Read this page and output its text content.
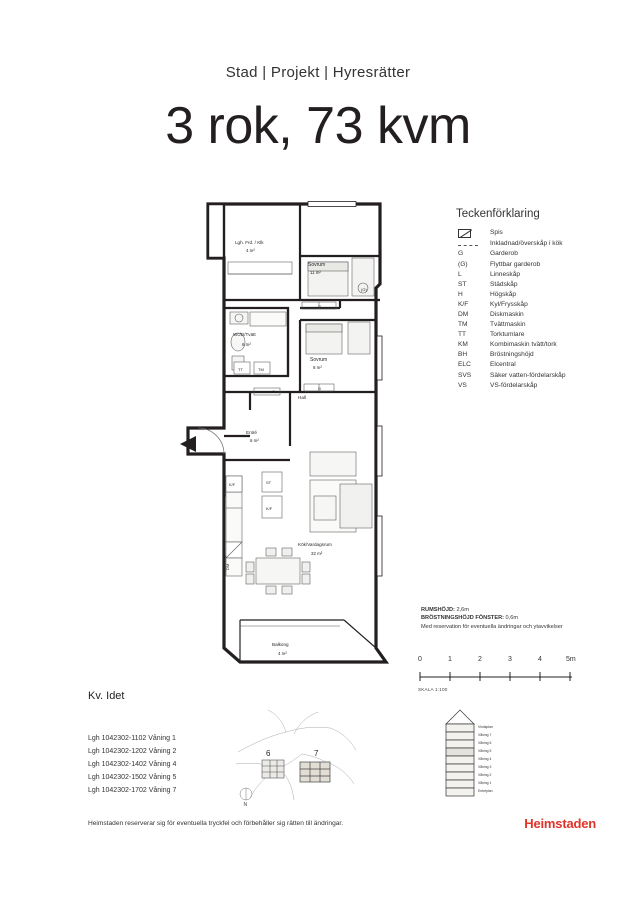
Stad | Projekt | Hyresrätter
3 rok, 73 kvm
Lgh. Frd. / Klk
4 m²
Sovrum
11 m²
Wc/D/Tvätt
6 m²
Sovrum
8 m²
Hall
Entré
6 m²
Kök/Vardagsrum
32 m²
Balkong
4 m²
TT	TM
G
G
G
K/F	ST
K/F
DM
(G)
Teckenförklaring
Spis
Inkladnad/överskåp i kök
G	Garderob
(G)	Flyttbar garderob
L	Linneskåp
ST	Städskåp
H	Högskåp
K/F	Kyl/Frysskåp
DM	Diskmaskin
TM	Tvättmaskin
TT	Torktumlare
KM	Kombimaskin tvätt/tork
BH	Bröstningshöjd
ELC	Elcentral
SVS	Säker vatten-fördelarskåp
VS	VS-fördelarskåp
RUMSHÖJD: 2,6m
BRÖSTNINGSHÖJD FÖNSTER: 0,6m
Med reservation för eventuella ändringar och ytavvikelser
0	1	2	3	4	5m
SKALA 1:100
Kv. Idet
Lgh 1042302-1102 Våning 1
Lgh 1042302-1202 Våning 2
Lgh 1042302-1402 Våning 4
Lgh 1042302-1502 Våning 5
Lgh 1042302-1702 Våning 7
6	7
N
Vindsplan
Våning 7
Våning 6
Våning 5
Våning 4
Våning 3
Våning 2
Våning 1
Entréplan
Heimstaden reserverar sig för eventuella tryckfel och förbehåller sig rätten till ändringar.	Heimstaden
